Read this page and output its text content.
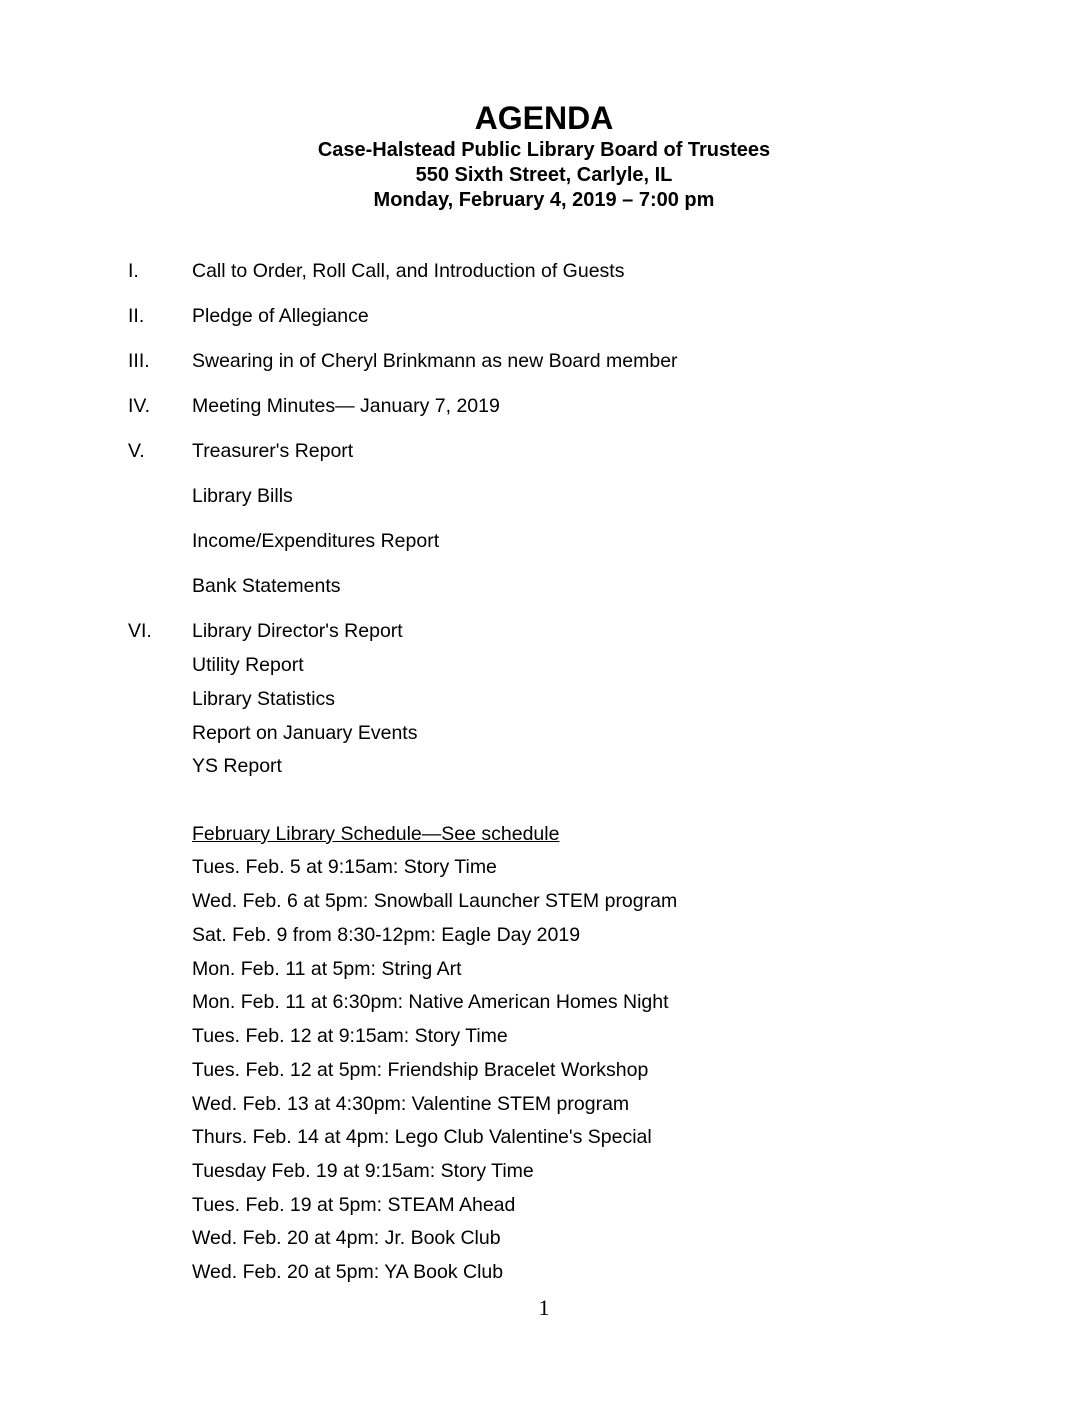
AGENDA
Case-Halstead Public Library Board of Trustees
550 Sixth Street, Carlyle, IL
Monday, February 4, 2019 – 7:00 pm
I.	Call to Order, Roll Call, and Introduction of Guests
II. Pledge of Allegiance
III. Swearing in of Cheryl Brinkmann as new Board member
IV. Meeting Minutes— January 7, 2019
V. Treasurer's Report
Library Bills
Income/Expenditures Report
Bank Statements
VI. Library Director's Report
Utility Report
Library Statistics
Report on January Events
YS Report
February Library Schedule—See schedule
Tues. Feb. 5 at 9:15am: Story Time
Wed. Feb. 6 at 5pm: Snowball Launcher STEM program
Sat. Feb. 9 from 8:30-12pm: Eagle Day 2019
Mon. Feb. 11 at 5pm: String Art
Mon. Feb. 11 at 6:30pm: Native American Homes Night
Tues. Feb. 12 at 9:15am: Story Time
Tues. Feb. 12 at 5pm: Friendship Bracelet Workshop
Wed. Feb. 13 at 4:30pm: Valentine STEM program
Thurs. Feb. 14 at 4pm: Lego Club Valentine's Special
Tuesday Feb. 19 at 9:15am: Story Time
Tues. Feb. 19 at 5pm: STEAM Ahead
Wed. Feb. 20 at 4pm: Jr. Book Club
Wed. Feb. 20 at 5pm: YA Book Club
1
